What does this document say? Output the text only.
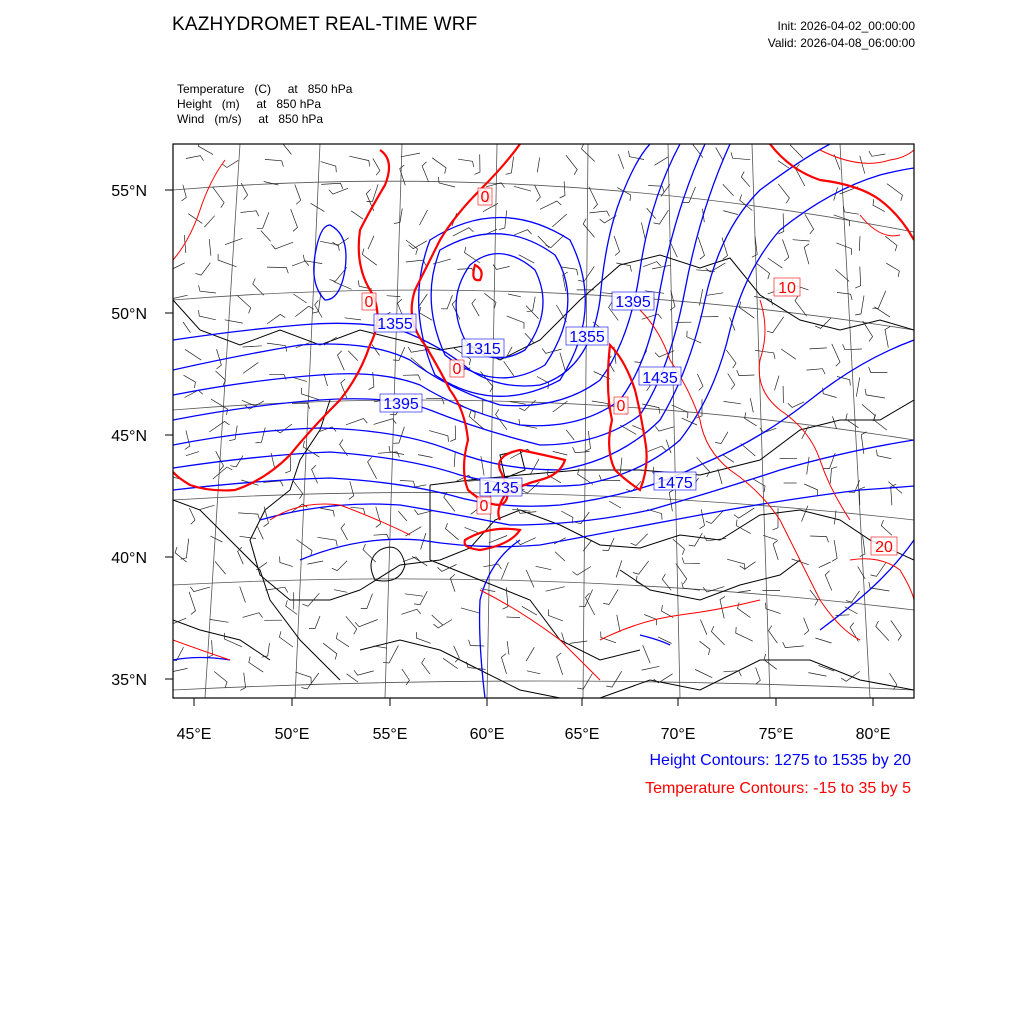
KAZHYDROMET REAL-TIME WRF	Init: 2026-04-02_00:00:00
Valid: 2026-04-08_06:00:00
Temperature   (C)     at   850 hPa
Height   (m)     at   850 hPa
Wind   (m/s)     at   850 hPa
55°N
50°N
45°N
40°N
35°N
45°E	50°E	55°E	60°E	65°E	70°E	75°E	80°E
1315
1355
1355
1395
1395
1435
1435
1475
0
0
0
0
0
10
20
Height Contours: 1275 to 1535 by 20
Temperature Contours: -15 to 35 by 5
